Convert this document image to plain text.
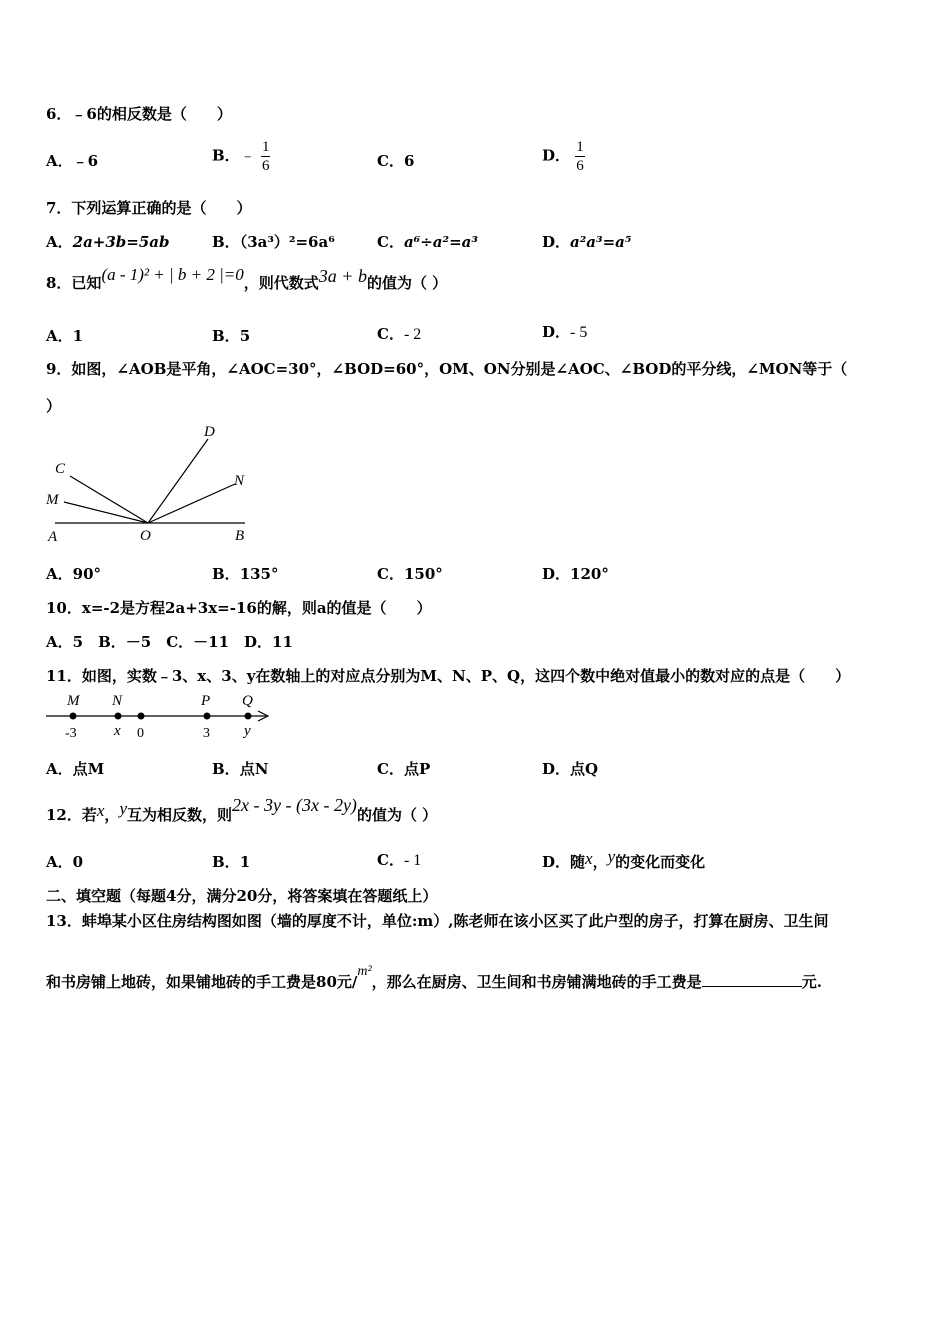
6．﹣6的相反数是（　　）
A．﹣6	B．﹣ $\frac{1}{6}$	C．6	D． $\frac{1}{6}$
7．下列运算正确的是（　　）
A．2a+3b=5ab	B．（3a³）²=6a⁶	C．a⁶÷a²=a³	D．a²a³=a⁵
8．已知(a - 1)² + | b + 2 |=0，则代数式3a + b的值为（ ）
A．1	B．5	C．- 2	D．- 5
9．如图，∠AOB是平角，∠AOC=30°，∠BOD=60°，OM、ON分别是∠AOC、∠BOD的平分线，∠MON等于（
）
C
M
A	O
D
N
B
A．90°	B．135°	C．150°	D．120°
10．x=-2是方程2a+3x=-16的解，则a的值是（　　）
A．5　B．－5　C．－11　D．11
11．如图，实数﹣3、x、3、y在数轴上的对应点分别为M、N、P、Q，这四个数中绝对值最小的数对应的点是（　　）
M N	P Q
-3 x 0	3 y
A．点M	B．点N	C．点P	D．点Q
12．若x，y互为相反数，则2x - 3y - (3x - 2y)的值为（ ）
A．0	B．1	C．- 1	D．随x，y的变化而变化
二、填空题（每题4分，满分20分，将答案填在答题纸上）
13．蚌埠某小区住房结构图如图（墙的厚度不计，单位:m）,陈老师在该小区买了此户型的房子，打算在厨房、卫生间
和书房铺上地砖，如果铺地砖的手工费是80元/m²，那么在厨房、卫生间和书房铺满地砖的手工费是	元.
